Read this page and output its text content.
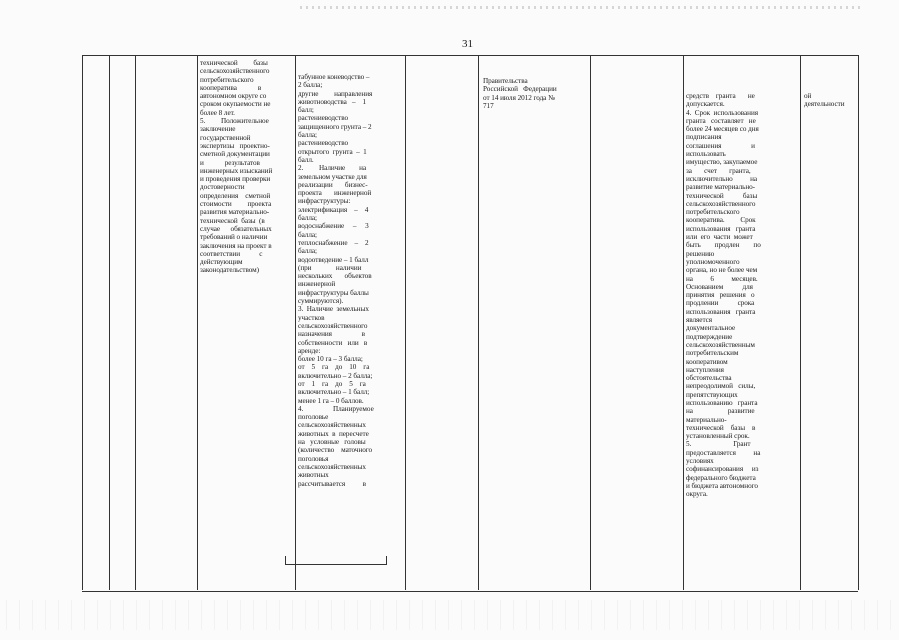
31
технической         базы
сельскохозяйственного
потребительского
кооператива            в
автономном округе со
сроком окупаемости не
более 8 лет.
5.         Положительное
заключение
государственной
экспертизы   проектно-
сметной документации
и            результатов
инженерных изысканий
и проведения проверки
достоверности
определения    сметной
стоимости         проекта
развития материально-
технической  базы  (в
случае      обязательных
требований о наличии
заключения на проект в
соответствии           с
действующим
законодательством)
табунное коневодство –
2 балла;
другие         направления
животноводства   –    1
балл;
растениеводство
защищенного грунта – 2
балла;
растениеводство
открытого  грунта  –  1
балл.
2.         Наличие        на
земельном участке для
реализации       бизнес-
проекта       инженерной
инфраструктуры:
электрификация    –    4
балла;
водоснабжение     –     3
балла;
теплоснабжение    –    2
балла;
водоотведение – 1 балл
(при              наличии
нескольких       объектов
инженерной
инфраструктуры баллы
суммируются).
3.  Наличие  земельных
участков
сельскохозяйственного
назначения                 в
собственности   или   в
аренде:
более 10 га – 3 балла;
от    5    га    до    10    га
включительно – 2 балла;
от    1    га    до    5    га
включительно – 1 балл;
менее 1 га – 0 баллов.
4.                 Планируемое
поголовье
сельскохозяйственных
животных  в  пересчете
на   условные   головы
(количество    маточного
поголовья
сельскохозяйственных
животных
рассчитывается          в
Правительства
Российской   Федерации
от 14 июля 2012 года №
717
средств    гранта       не
допускается.
4.  Срок  использования
гранта   составляет   не
более 24 месяцев со дня
подписания
соглашения                 и
использовать
имущество, закупаемое
за       счет       гранта,
исключительно          на
развитие материально-
технической           базы
сельскохозяйственного
потребительского
кооператива.         Срок
использования   гранта
или  его  части  может
быть        продлен        по
решению
уполномоченного
органа, но не более чем
на          6          месяцев.
Основанием           для
принятия   решения   о
продлении           срока
использования   гранта
является
документальное
подтверждение
сельскохозяйственным
потребительским
кооперативом
наступления
обстоятельства
непреодолимой   силы,
препятствующих
использованию   гранта
на                    развитие
материально-
технической    базы    в
установленный срок.
5.                        Грант
предоставляется          на
условиях
софинансирования     из
федерального бюджета
и бюджета автономного
округа.
ой
деятельности
